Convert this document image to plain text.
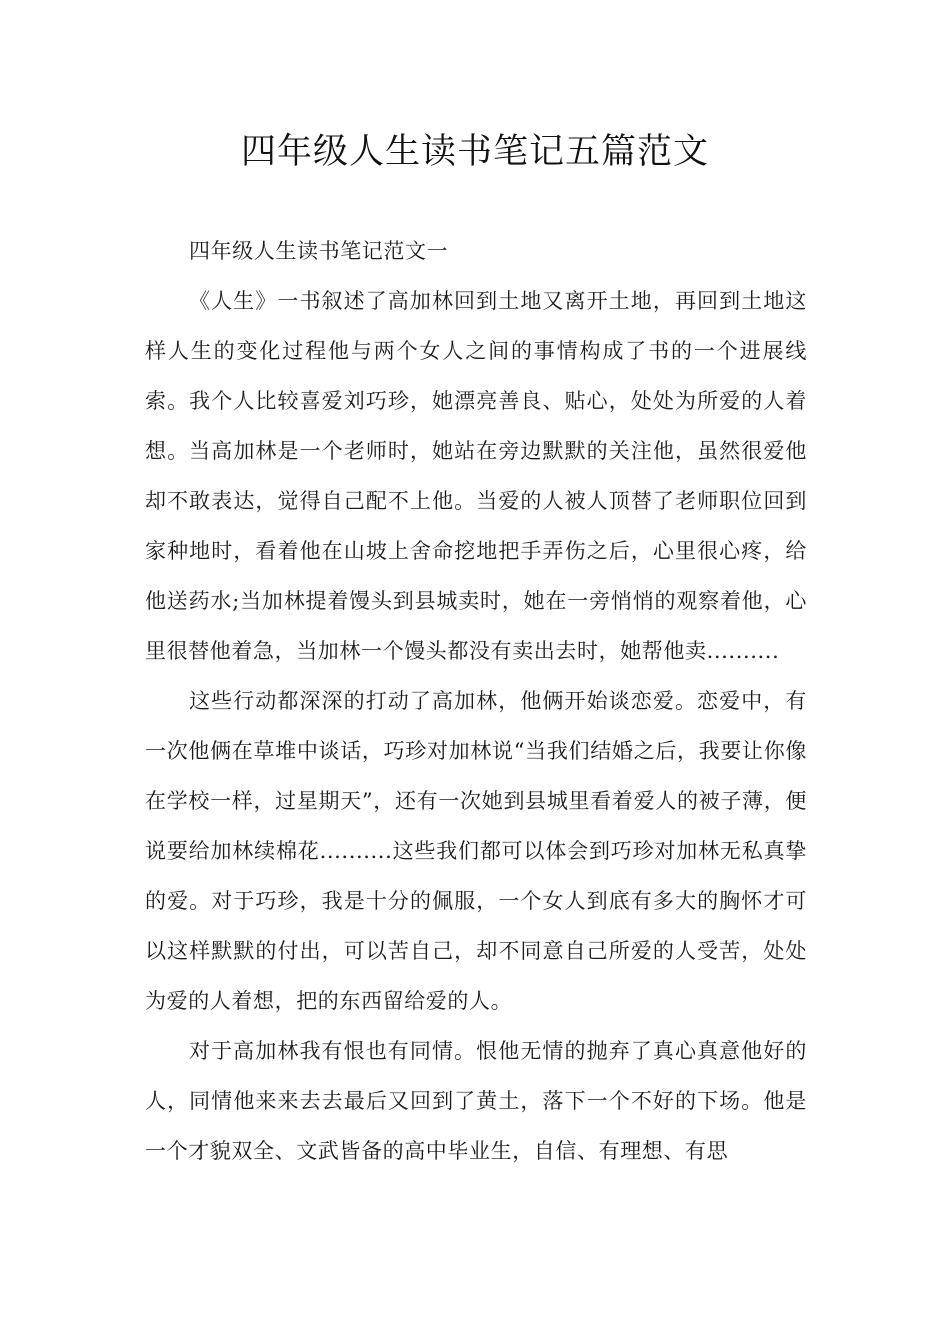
四年级人生读书笔记五篇范文

四年级人生读书笔记范文一

《人生》一书叙述了高加林回到土地又离开土地，再回到土地这样人生的变化过程他与两个女人之间的事情构成了书的一个进展线索。我个人比较喜爱刘巧珍，她漂亮善良、贴心，处处为所爱的人着想。当高加林是一个老师时，她站在旁边默默的关注他，虽然很爱他却不敢表达，觉得自己配不上他。当爱的人被人顶替了老师职位回到家种地时，看着他在山坡上舍命挖地把手弄伤之后，心里很心疼，给他送药水;当加林提着馒头到县城卖时，她在一旁悄悄的观察着他，心里很替他着急，当加林一个馒头都没有卖出去时，她帮他卖..........

这些行动都深深的打动了高加林，他俩开始谈恋爱。恋爱中，有一次他俩在草堆中谈话，巧珍对加林说“当我们结婚之后，我要让你像在学校一样，过星期天”，还有一次她到县城里看着爱人的被子薄，便说要给加林续棉花..........这些我们都可以体会到巧珍对加林无私真挚的爱。对于巧珍，我是十分的佩服，一个女人到底有多大的胸怀才可以这样默默的付出，可以苦自己，却不同意自己所爱的人受苦，处处为爱的人着想，把的东西留给爱的人。

对于高加林我有恨也有同情。恨他无情的抛弃了真心真意他好的人，同情他来来去去最后又回到了黄土，落下一个不好的下场。他是一个才貌双全、文武皆备的高中毕业生，自信、有理想、有思
